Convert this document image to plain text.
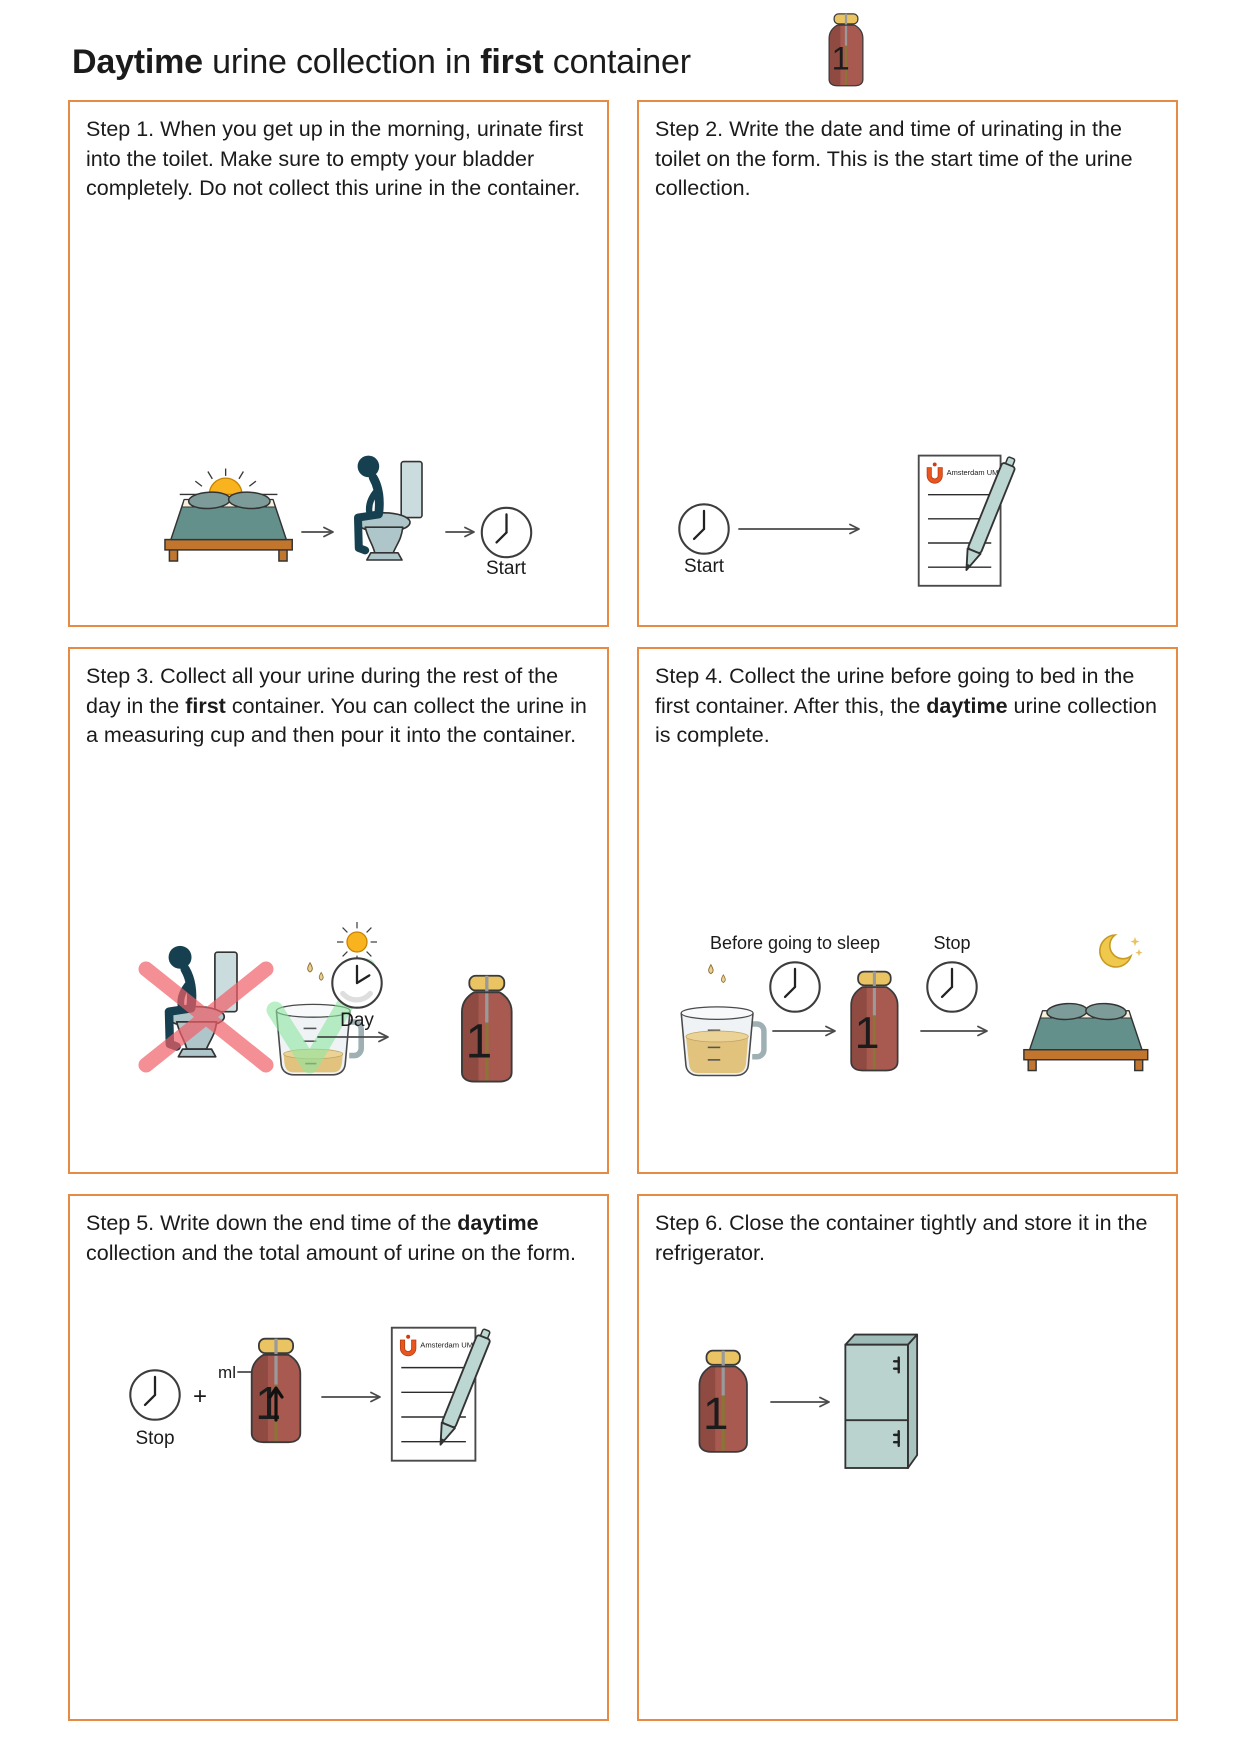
Daytime urine collection in first container

Step 1. When you get up in the morning, urinate first into the toilet. Make sure to empty your bladder completely. Do not collect this urine in the container.

Start

Step 2. Write the date and time of urinating in the toilet on the form. This is the start time of the urine collection.

Start

Step 3. Collect all your urine during the rest of the day in the first container. You can collect the urine in a measuring cup and then pour it into the container.

Day

Step 4. Collect the urine before going to bed in the first container. After this, the daytime urine collection is complete.

Before going to sleep	Stop

Step 5. Write down the end time of the daytime collection and the total amount of urine on the form.

Stop
+
ml

Step 6. Close the container tightly and store it in the refrigerator.
